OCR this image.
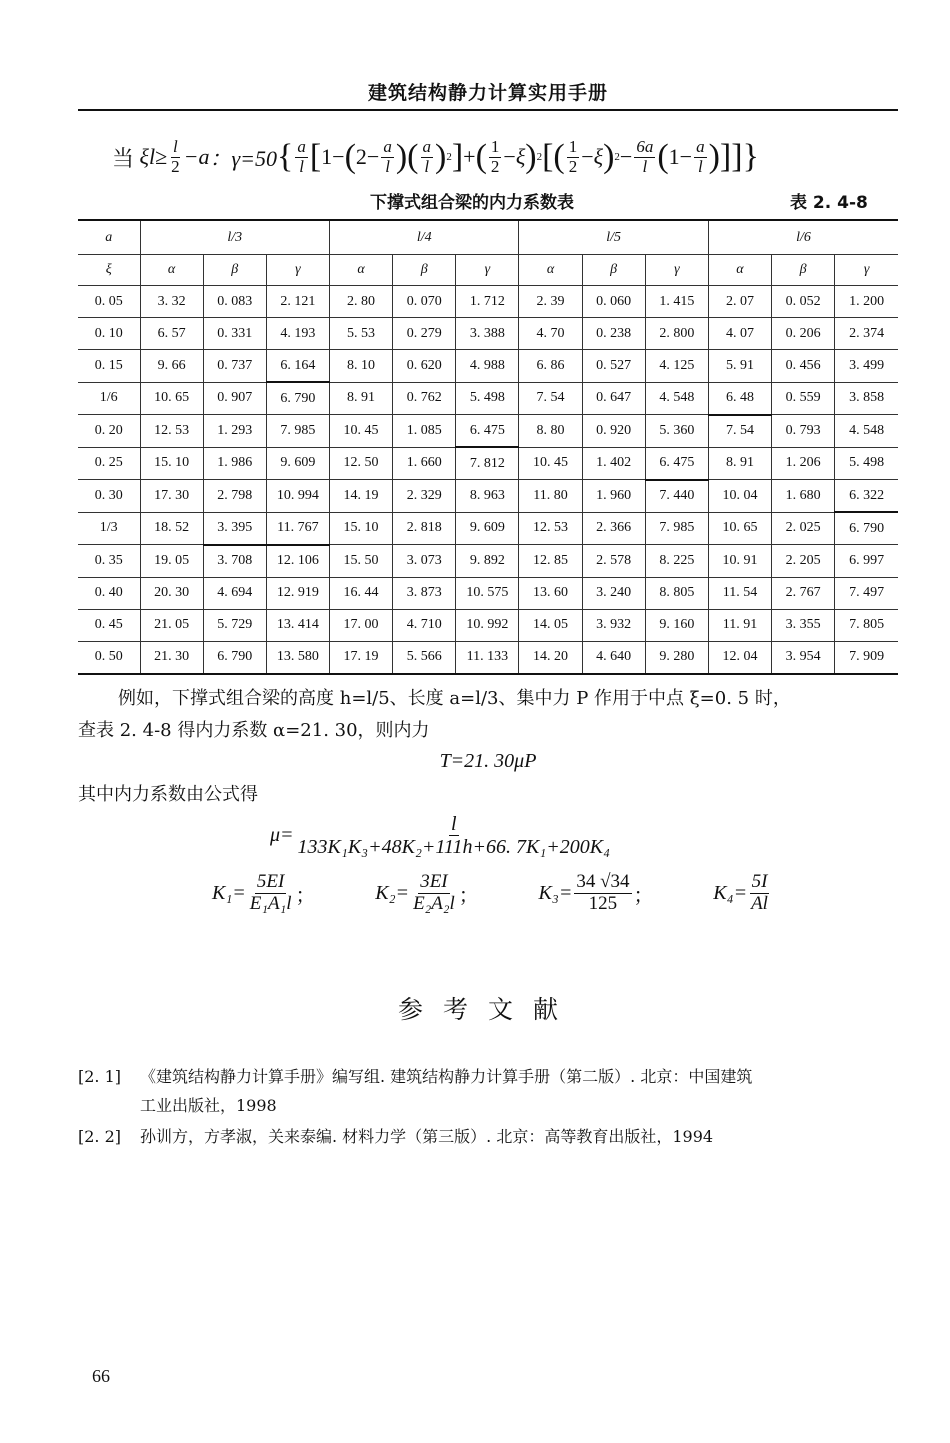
建筑结构静力计算实用手册
当
ξ $l \ge \frac{l}{2} -a$ ：γ=50 { $\frac{a}{l}$ [ 1 − ( $2- \frac{a}{l}$ ) ( $\frac{a}{l}$ ) 2 ] + ( $\frac{1}{2} - \xi$ ) 2 [ ( $\frac{1}{2} - \xi$ ) $2 - \frac{6a}{l}$ ( $1 - \frac{a}{l}$ ) ] ] }
下撑式组合梁的内力系数表	表 2. 4-8
a	l/3			l/4			l/5			l/6		
ξ	α	β	γ	α	β	γ	α	β	γ	α	β	γ
0. 05	3. 32	0. 083	2. 121	2. 80	0. 070	1. 712	2. 39	0. 060	1. 415	2. 07	0. 052	1. 200
0. 10	6. 57	0. 331	4. 193	5. 53	0. 279	3. 388	4. 70	0. 238	2. 800	4. 07	0. 206	2. 374
0. 15	9. 66	0. 737	6. 164	8. 10	0. 620	4. 988	6. 86	0. 527	4. 125	5. 91	0. 456	3. 499
1/6	10. 65	0. 907	6. 790	8. 91	0. 762	5. 498	7. 54	0. 647	4. 548	6. 48	0. 559	3. 858
0. 20	12. 53	1. 293	7. 985	10. 45	1. 085	6. 475	8. 80	0. 920	5. 360	7. 54	0. 793	4. 548
0. 25	15. 10	1. 986	9. 609	12. 50	1. 660	7. 812	10. 45	1. 402	6. 475	8. 91	1. 206	5. 498
0. 30	17. 30	2. 798	10. 994	14. 19	2. 329	8. 963	11. 80	1. 960	7. 440	10. 04	1. 680	6. 322
1/3	18. 52	3. 395	11. 767	15. 10	2. 818	9. 609	12. 53	2. 366	7. 985	10. 65	2. 025	6. 790
0. 35	19. 05	3. 708	12. 106	15. 50	3. 073	9. 892	12. 85	2. 578	8. 225	10. 91	2. 205	6. 997
0. 40	20. 30	4. 694	12. 919	16. 44	3. 873	10. 575	13. 60	3. 240	8. 805	11. 54	2. 767	7. 497
0. 45	21. 05	5. 729	13. 414	17. 00	4. 710	10. 992	14. 05	3. 932	9. 160	11. 91	3. 355	7. 805
0. 50	21. 30	6. 790	13. 580	17. 19	5. 566	11. 133	14. 20	4. 640	9. 280	12. 04	3. 954	7. 909
例如，下撑式组合梁的高度 h=l/5、长度 a=l/3、集中力 P 作用于中点 ξ=0. 5 时，
查表 2. 4-8 得内力系数 α=21. 30，则内力
T=21. 30μP
其中内力系数由公式得
$\mu= \frac{l}{\text{133K₁K₃+48K₂+111h+66. 7K₁+200K₄}}$
$K_1= \frac{5EI}{\text{E₁A₁l}}$ ；	$K_2= \frac{3EI}{\text{E₂A₂l}}$ ；	$K_3= \frac{34 √34}{125}$ ；	$K_4= \frac{5I}{Al}$
参考文献
[2. 1] 《建筑结构静力计算手册》编写组. 建筑结构静力计算手册（第二版）. 北京：中国建筑
工业出版社，1998
[2. 2] 孙训方，方孝淑，关来泰编. 材料力学（第三版）. 北京：高等教育出版社，1994
66
